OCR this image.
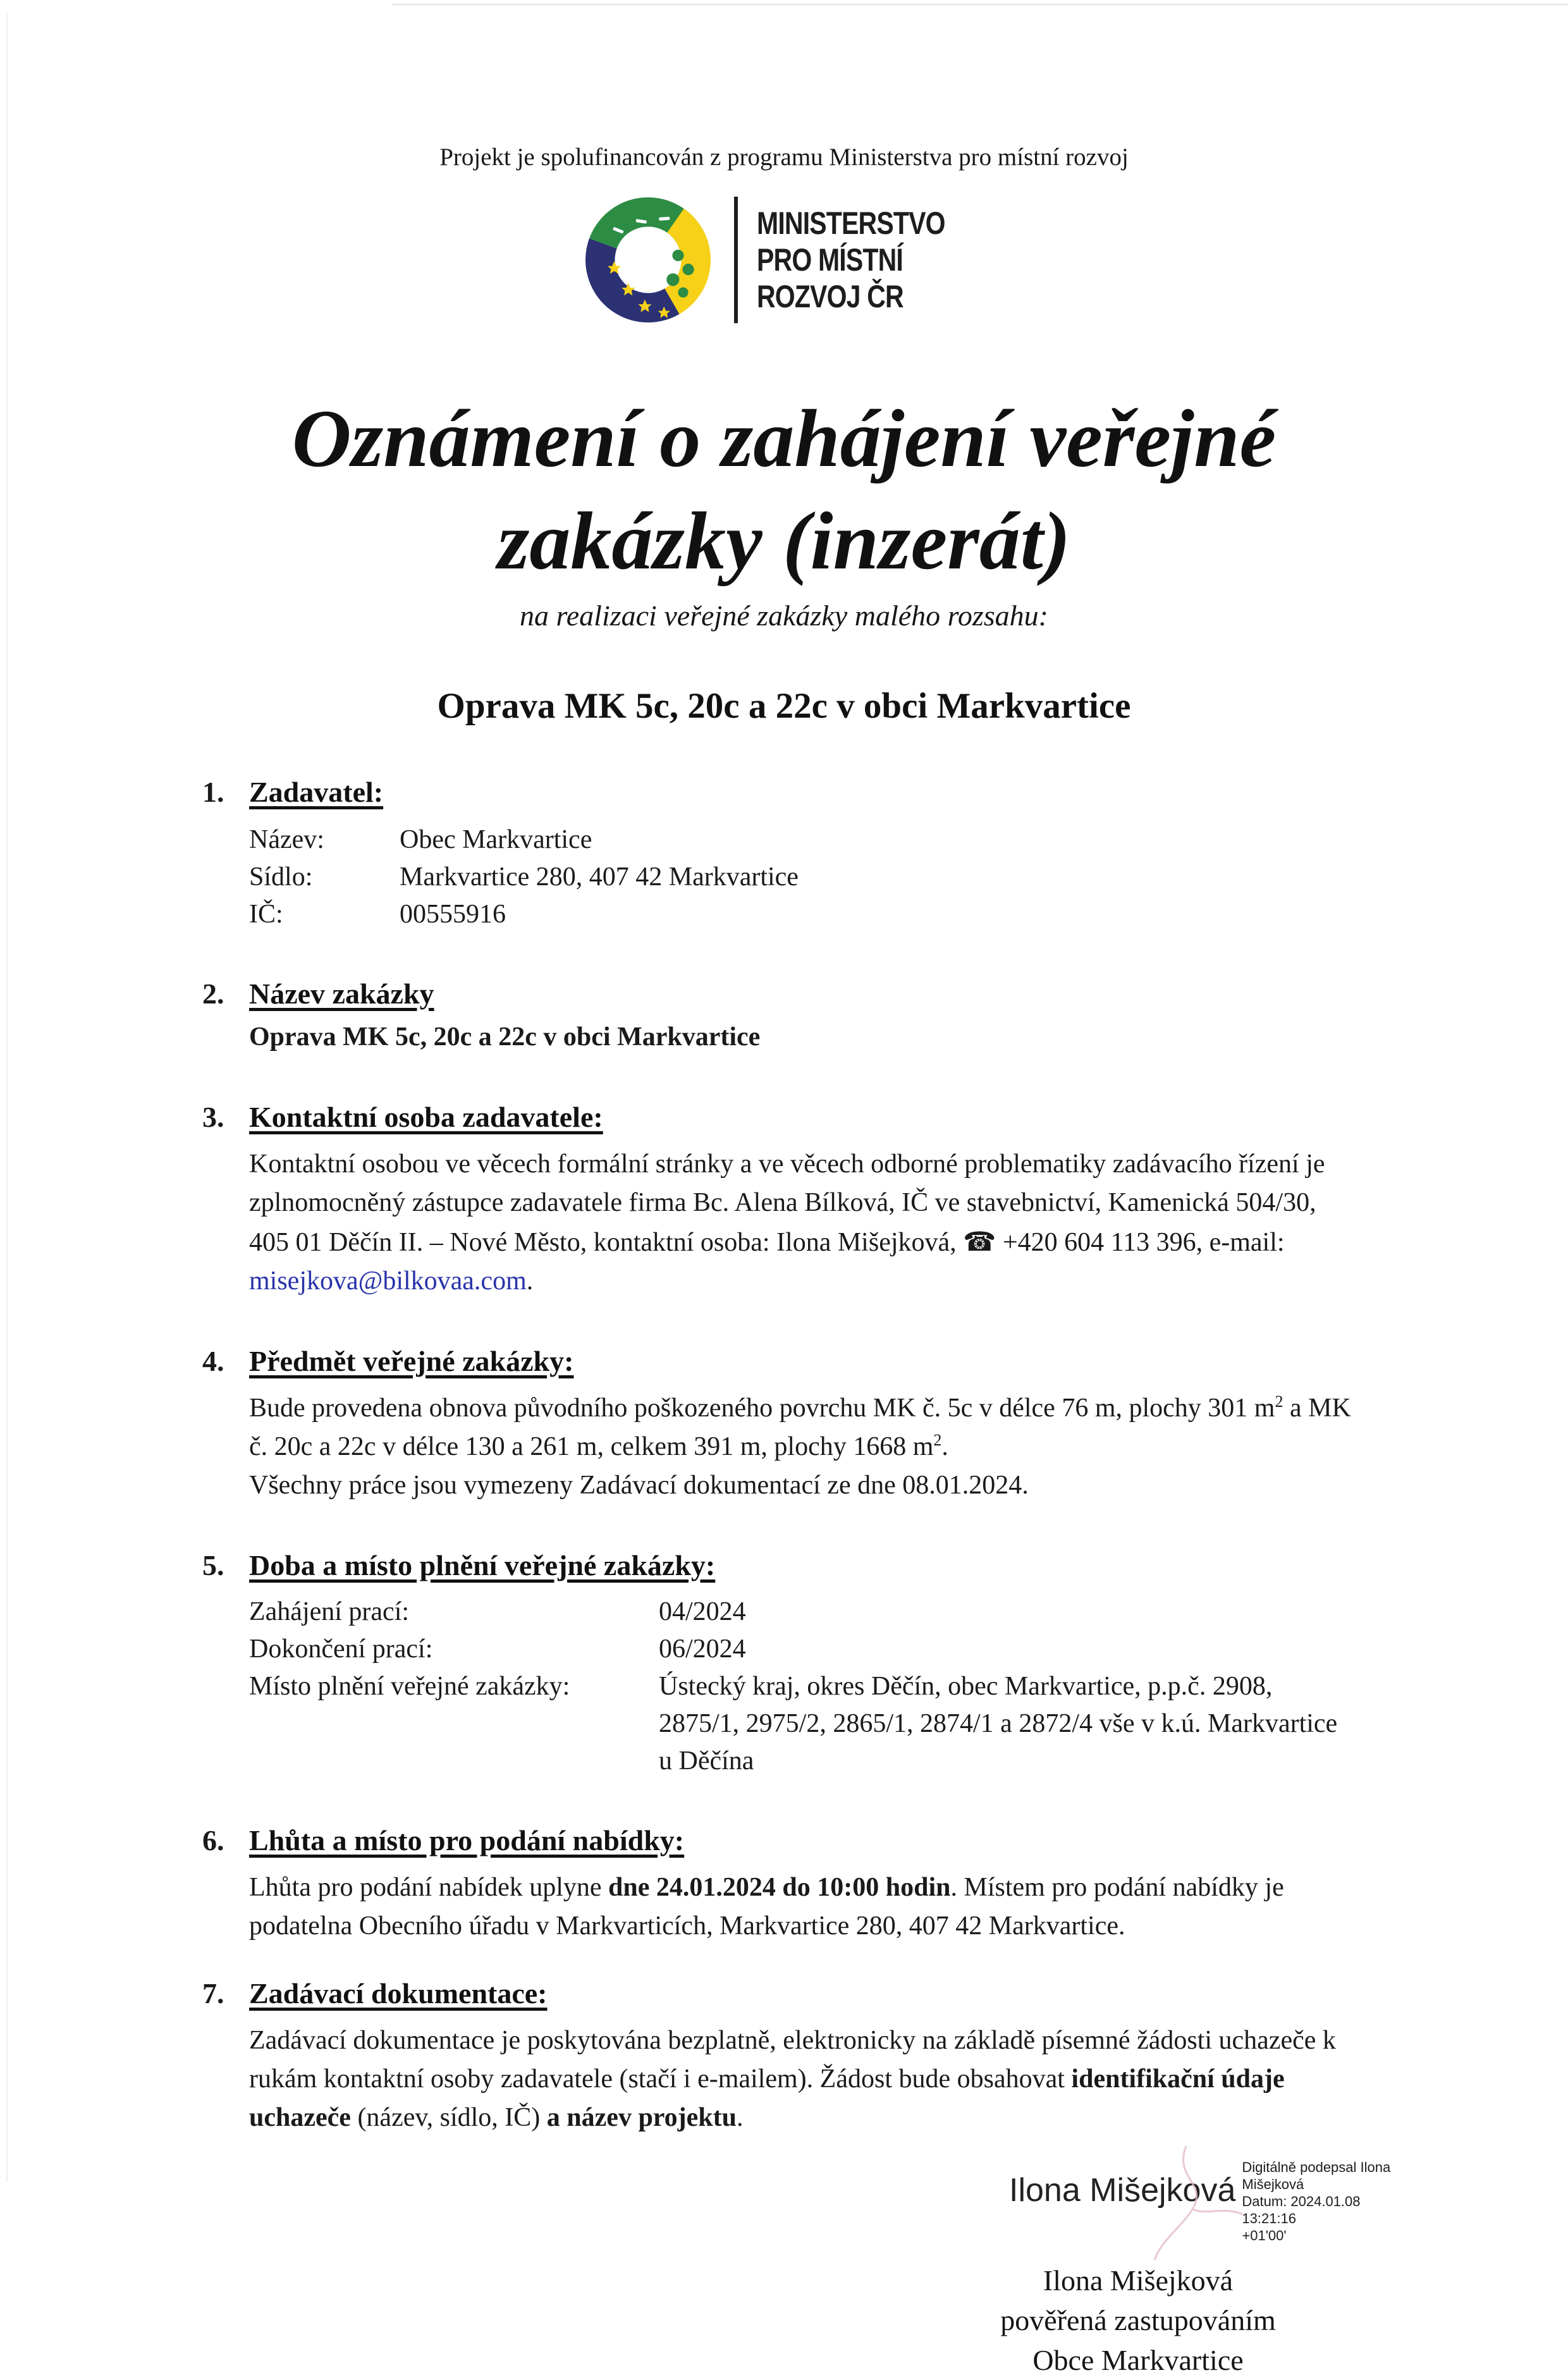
Projekt je spolufinancován z programu Ministerstva pro místní rozvoj
MINISTERSTVO
PRO MÍSTNÍ
ROZVOJ ČR
Oznámení o zahájení veřejné
zakázky (inzerát)
na realizaci veřejné zakázky malého rozsahu:
Oprava MK 5c, 20c a 22c v obci Markvartice
1. Zadavatel:
Název:	Obec Markvartice
Sídlo:	Markvartice 280, 407 42 Markvartice
IČ:	00555916
2. Název zakázky
Oprava MK 5c, 20c a 22c v obci Markvartice
3. Kontaktní osoba zadavatele:
Kontaktní osobou ve věcech formální stránky a ve věcech odborné problematiky zadávacího řízení je zplnomocněný zástupce zadavatele firma Bc. Alena Bílková, IČ ve stavebnictví, Kamenická 504/30, 405 01 Děčín II. – Nové Město, kontaktní osoba: Ilona Mišejková, ☎ +420 604 113 396, e-mail: misejkova@bilkovaa.com.
4. Předmět veřejné zakázky:
Bude provedena obnova původního poškozeného povrchu MK č. 5c v délce 76 m, plochy 301 $m^2$ a MK č. 20c a 22c v délce 130 a 261 m, celkem 391 m, plochy 1668 $m^2$.
Všechny práce jsou vymezeny Zadávací dokumentací ze dne 08.01.2024.
5. Doba a místo plnění veřejné zakázky:
Zahájení prací:	04/2024
Dokončení prací:	06/2024
Místo plnění veřejné zakázky:	Ústecký kraj, okres Děčín, obec Markvartice, p.p.č. 2908, 2875/1, 2975/2, 2865/1, 2874/1 a 2872/4 vše v k.ú. Markvartice u Děčína
6. Lhůta a místo pro podání nabídky:
Lhůta pro podání nabídek uplyne dne 24.01.2024 do 10:00 hodin. Místem pro podání nabídky je podatelna Obecního úřadu v Markvarticích, Markvartice 280, 407 42 Markvartice.
7. Zadávací dokumentace:
Zadávací dokumentace je poskytována bezplatně, elektronicky na základě písemné žádosti uchazeče k rukám kontaktní osoby zadavatele (stačí i e-mailem). Žádost bude obsahovat identifikační údaje uchazeče (název, sídlo, IČ) a název projektu.
Ilona Mišejková
Digitálně podepsal Ilona
Mišejková
Datum: 2024.01.08 13:21:16
+01'00'
Ilona Mišejková
pověřená zastupováním
Obce Markvartice
